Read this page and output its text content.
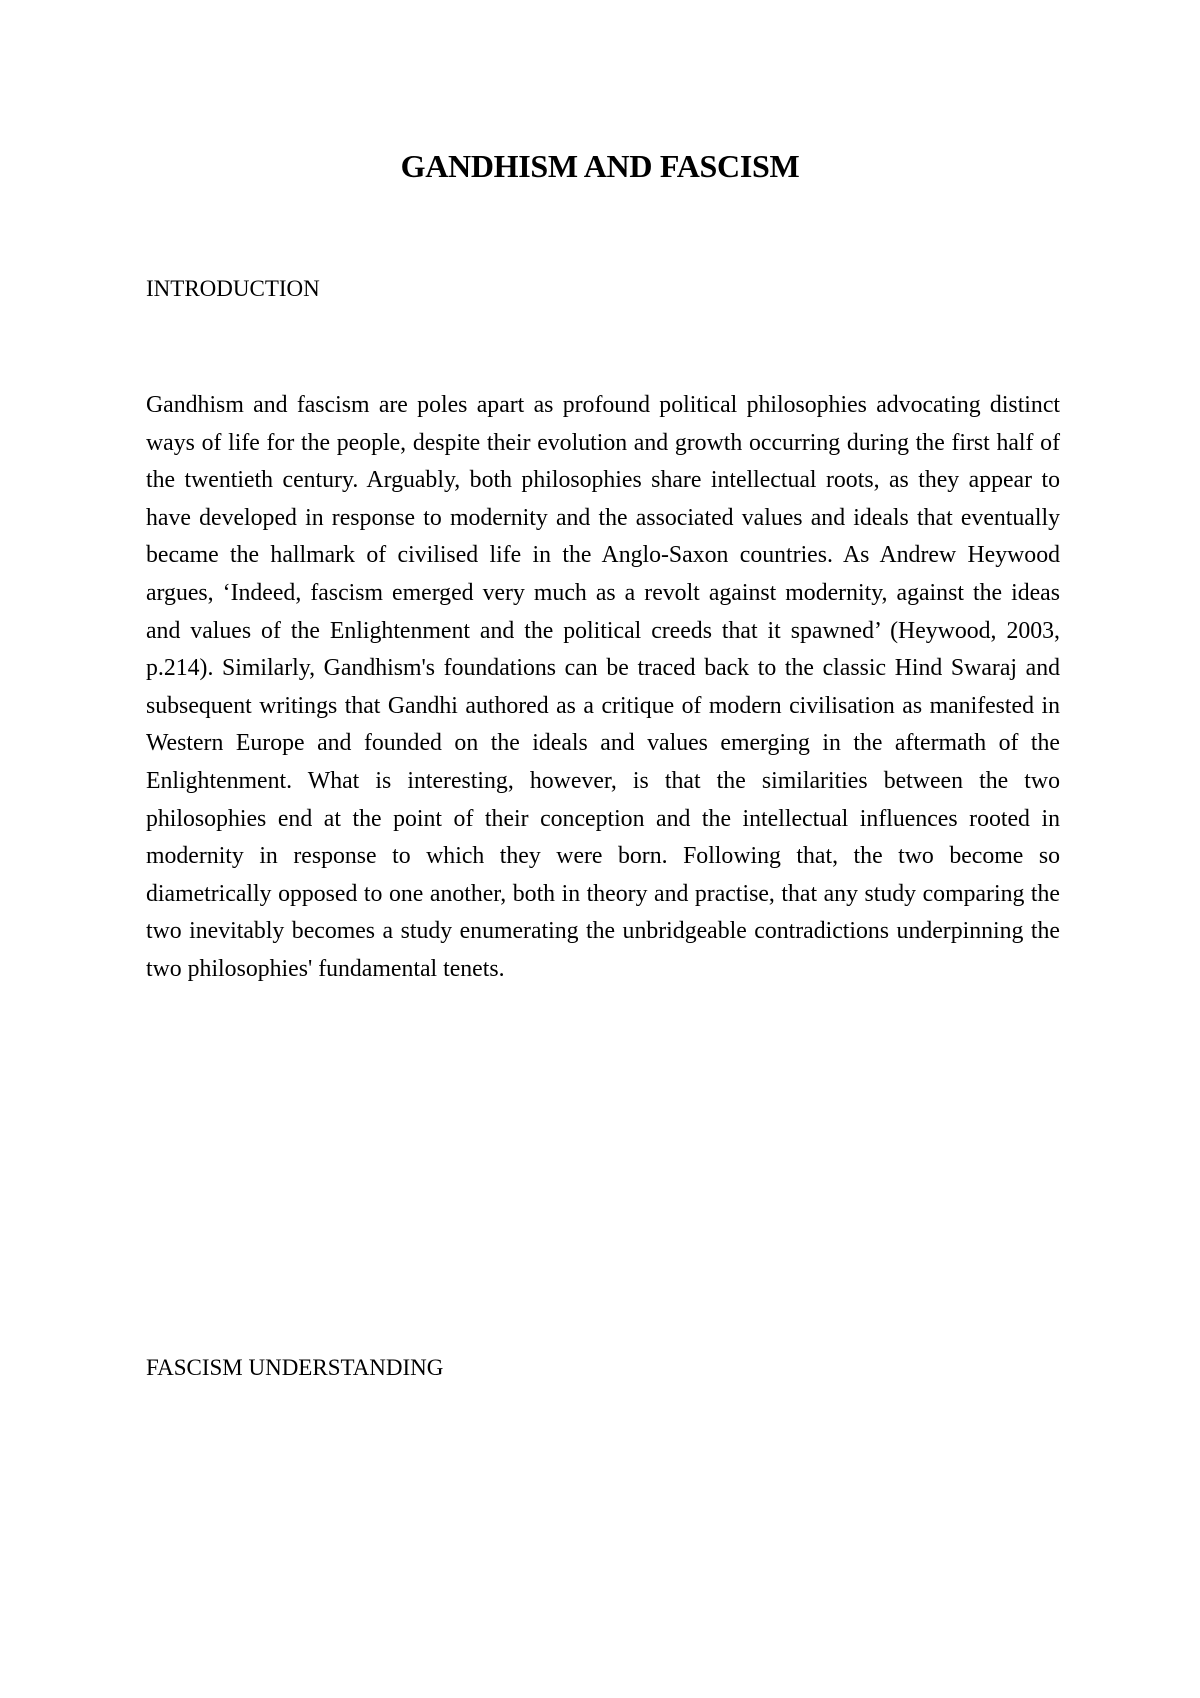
GANDHISM AND FASCISM
INTRODUCTION

Gandhism and fascism are poles apart as profound political philosophies advocating distinct ways of life for the people, despite their evolution and growth occurring during the first half of the twentieth century. Arguably, both philosophies share intellectual roots, as they appear to have developed in response to modernity and the associated values and ideals that eventually became the hallmark of civilised life in the Anglo-Saxon countries. As Andrew Heywood argues, ‘Indeed, fascism emerged very much as a revolt against modernity, against the ideas and values of the Enlightenment and the political creeds that it spawned’ (Heywood, 2003, p.214). Similarly, Gandhism's foundations can be traced back to the classic Hind Swaraj and subsequent writings that Gandhi authored as a critique of modern civilisation as manifested in Western Europe and founded on the ideals and values emerging in the aftermath of the Enlightenment. What is interesting, however, is that the similarities between the two philosophies end at the point of their conception and the intellectual influences rooted in modernity in response to which they were born. Following that, the two become so diametrically opposed to one another, both in theory and practise, that any study comparing the two inevitably becomes a study enumerating the unbridgeable contradictions underpinning the two philosophies' fundamental tenets.

FASCISM UNDERSTANDING
